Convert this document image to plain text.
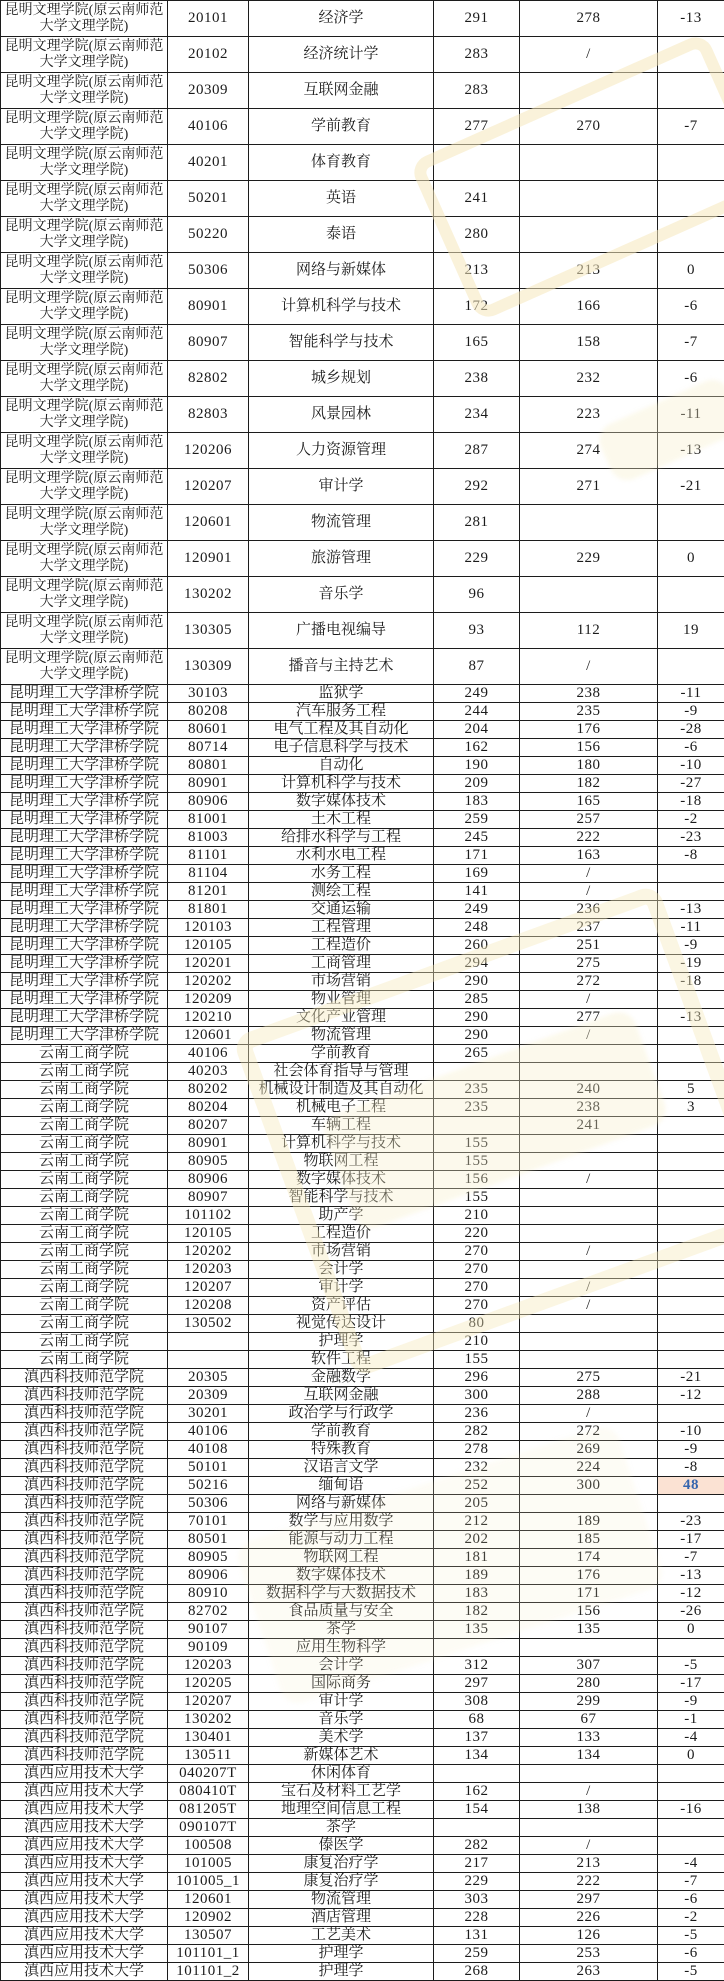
昆明文理学院(原云南师范大学文理学院)	20101	经济学	291	278	-13
昆明文理学院(原云南师范大学文理学院)	20102	经济统计学	283	/	
昆明文理学院(原云南师范大学文理学院)	20309	互联网金融	283		
昆明文理学院(原云南师范大学文理学院)	40106	学前教育	277	270	-7
昆明文理学院(原云南师范大学文理学院)	40201	体育教育			
昆明文理学院(原云南师范大学文理学院)	50201	英语	241		
昆明文理学院(原云南师范大学文理学院)	50220	泰语	280		
昆明文理学院(原云南师范大学文理学院)	50306	网络与新媒体	213	213	0
昆明文理学院(原云南师范大学文理学院)	80901	计算机科学与技术	172	166	-6
昆明文理学院(原云南师范大学文理学院)	80907	智能科学与技术	165	158	-7
昆明文理学院(原云南师范大学文理学院)	82802	城乡规划	238	232	-6
昆明文理学院(原云南师范大学文理学院)	82803	风景园林	234	223	-11
昆明文理学院(原云南师范大学文理学院)	120206	人力资源管理	287	274	-13
昆明文理学院(原云南师范大学文理学院)	120207	审计学	292	271	-21
昆明文理学院(原云南师范大学文理学院)	120601	物流管理	281		
昆明文理学院(原云南师范大学文理学院)	120901	旅游管理	229	229	0
昆明文理学院(原云南师范大学文理学院)	130202	音乐学	96		
昆明文理学院(原云南师范大学文理学院)	130305	广播电视编导	93	112	19
昆明文理学院(原云南师范大学文理学院)	130309	播音与主持艺术	87	/	
昆明理工大学津桥学院	30103	监狱学	249	238	-11
昆明理工大学津桥学院	80208	汽车服务工程	244	235	-9
昆明理工大学津桥学院	80601	电气工程及其自动化	204	176	-28
昆明理工大学津桥学院	80714	电子信息科学与技术	162	156	-6
昆明理工大学津桥学院	80801	自动化	190	180	-10
昆明理工大学津桥学院	80901	计算机科学与技术	209	182	-27
昆明理工大学津桥学院	80906	数字媒体技术	183	165	-18
昆明理工大学津桥学院	81001	土木工程	259	257	-2
昆明理工大学津桥学院	81003	给排水科学与工程	245	222	-23
昆明理工大学津桥学院	81101	水利水电工程	171	163	-8
昆明理工大学津桥学院	81104	水务工程	169	/	
昆明理工大学津桥学院	81201	测绘工程	141	/	
昆明理工大学津桥学院	81801	交通运输	249	236	-13
昆明理工大学津桥学院	120103	工程管理	248	237	-11
昆明理工大学津桥学院	120105	工程造价	260	251	-9
昆明理工大学津桥学院	120201	工商管理	294	275	-19
昆明理工大学津桥学院	120202	市场营销	290	272	-18
昆明理工大学津桥学院	120209	物业管理	285	/	
昆明理工大学津桥学院	120210	文化产业管理	290	277	-13
昆明理工大学津桥学院	120601	物流管理	290	/	
云南工商学院	40106	学前教育	265		
云南工商学院	40203	社会体育指导与管理			
云南工商学院	80202	机械设计制造及其自动化	235	240	5
云南工商学院	80204	机械电子工程	235	238	3
云南工商学院	80207	车辆工程		241	
云南工商学院	80901	计算机科学与技术	155		
云南工商学院	80905	物联网工程	155		
云南工商学院	80906	数字媒体技术	156	/	
云南工商学院	80907	智能科学与技术	155		
云南工商学院	101102	助产学	210		
云南工商学院	120105	工程造价	220		
云南工商学院	120202	市场营销	270	/	
云南工商学院	120203	会计学	270		
云南工商学院	120207	审计学	270	/	
云南工商学院	120208	资产评估	270	/	
云南工商学院	130502	视觉传达设计	80		
云南工商学院		护理学	210		
云南工商学院		软件工程	155		
滇西科技师范学院	20305	金融数学	296	275	-21
滇西科技师范学院	20309	互联网金融	300	288	-12
滇西科技师范学院	30201	政治学与行政学	236	/	
滇西科技师范学院	40106	学前教育	282	272	-10
滇西科技师范学院	40108	特殊教育	278	269	-9
滇西科技师范学院	50101	汉语言文学	232	224	-8
滇西科技师范学院	50216	缅甸语	252	300	48
滇西科技师范学院	50306	网络与新媒体	205		
滇西科技师范学院	70101	数学与应用数学	212	189	-23
滇西科技师范学院	80501	能源与动力工程	202	185	-17
滇西科技师范学院	80905	物联网工程	181	174	-7
滇西科技师范学院	80906	数字媒体技术	189	176	-13
滇西科技师范学院	80910	数据科学与大数据技术	183	171	-12
滇西科技师范学院	82702	食品质量与安全	182	156	-26
滇西科技师范学院	90107	茶学	135	135	0
滇西科技师范学院	90109	应用生物科学			
滇西科技师范学院	120203	会计学	312	307	-5
滇西科技师范学院	120205	国际商务	297	280	-17
滇西科技师范学院	120207	审计学	308	299	-9
滇西科技师范学院	130202	音乐学	68	67	-1
滇西科技师范学院	130401	美术学	137	133	-4
滇西科技师范学院	130511	新媒体艺术	134	134	0
滇西应用技术大学	040207T	休闲体育			
滇西应用技术大学	080410T	宝石及材料工艺学	162	/	
滇西应用技术大学	081205T	地理空间信息工程	154	138	-16
滇西应用技术大学	090107T	茶学			
滇西应用技术大学	100508	傣医学	282	/	
滇西应用技术大学	101005	康复治疗学	217	213	-4
滇西应用技术大学	101005_1	康复治疗学	229	222	-7
滇西应用技术大学	120601	物流管理	303	297	-6
滇西应用技术大学	120902	酒店管理	228	226	-2
滇西应用技术大学	130507	工艺美术	131	126	-5
滇西应用技术大学	101101_1	护理学	259	253	-6
滇西应用技术大学	101101_2	护理学	268	263	-5
